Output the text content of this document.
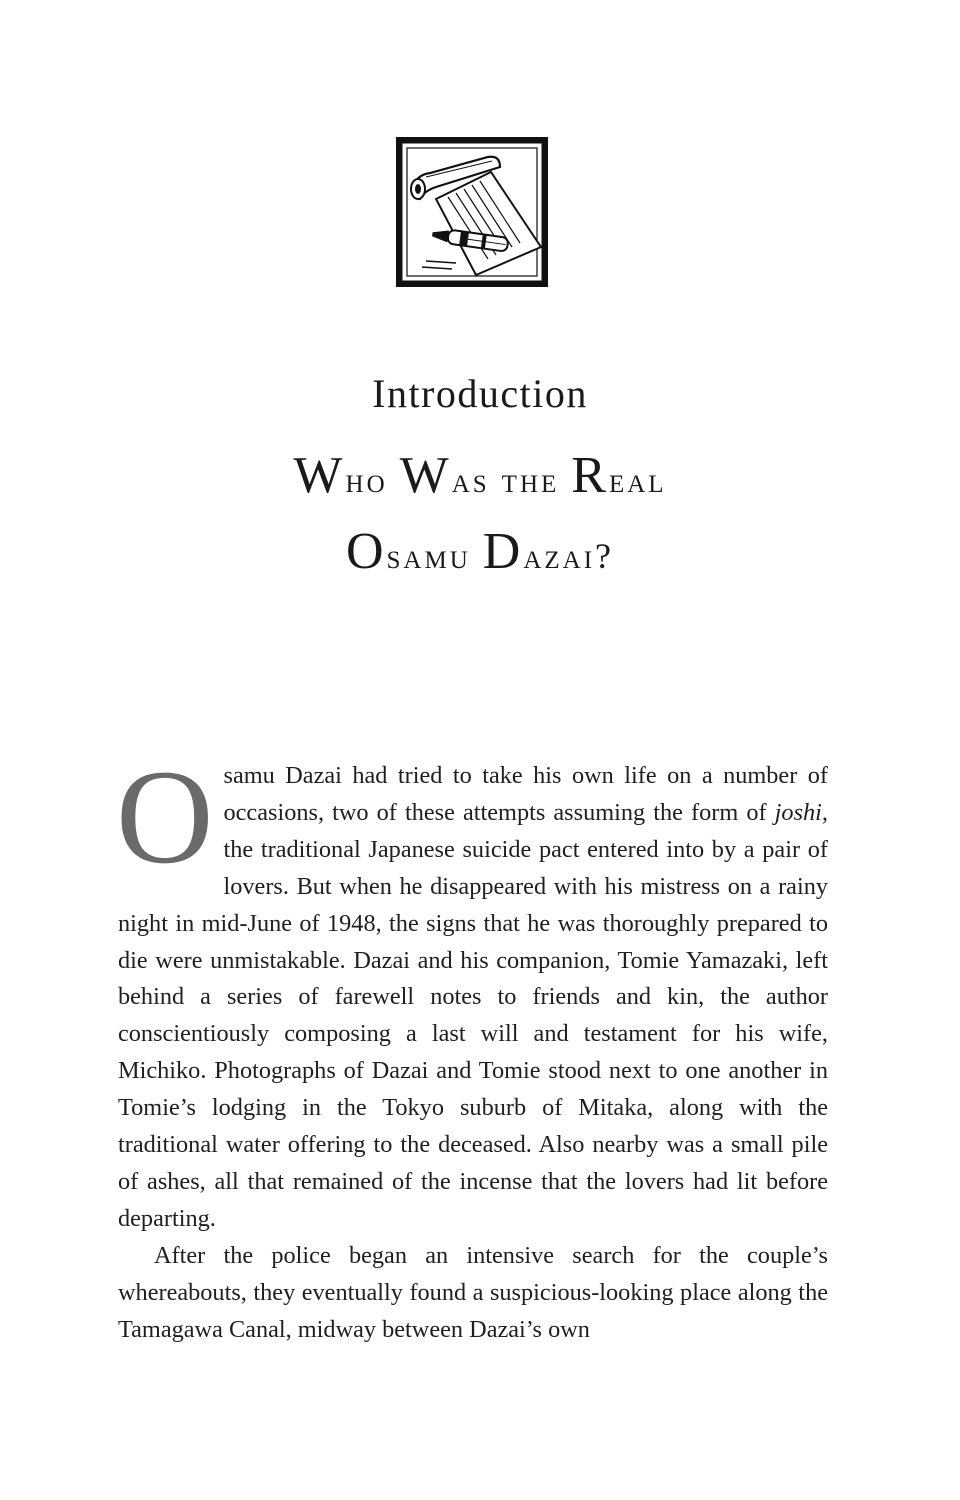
Introduction
Who Was the Real
Osamu Dazai?

Osamu Dazai had tried to take his own life on a number of occasions, two of these attempts assuming the form of joshi, the traditional Japanese suicide pact entered into by a pair of lovers. But when he disappeared with his mistress on a rainy night in mid-June of 1948, the signs that he was thoroughly prepared to die were unmistakable. Dazai and his companion, Tomie Yamazaki, left behind a series of farewell notes to friends and kin, the author conscientiously composing a last will and testament for his wife, Michiko. Photographs of Dazai and Tomie stood next to one another in Tomie’s lodging in the Tokyo suburb of Mitaka, along with the traditional water offering to the deceased. Also nearby was a small pile of ashes, all that remained of the incense that the lovers had lit before departing.

After the police began an intensive search for the couple’s whereabouts, they eventually found a suspicious-looking place along the Tamagawa Canal, midway between Dazai’s own
